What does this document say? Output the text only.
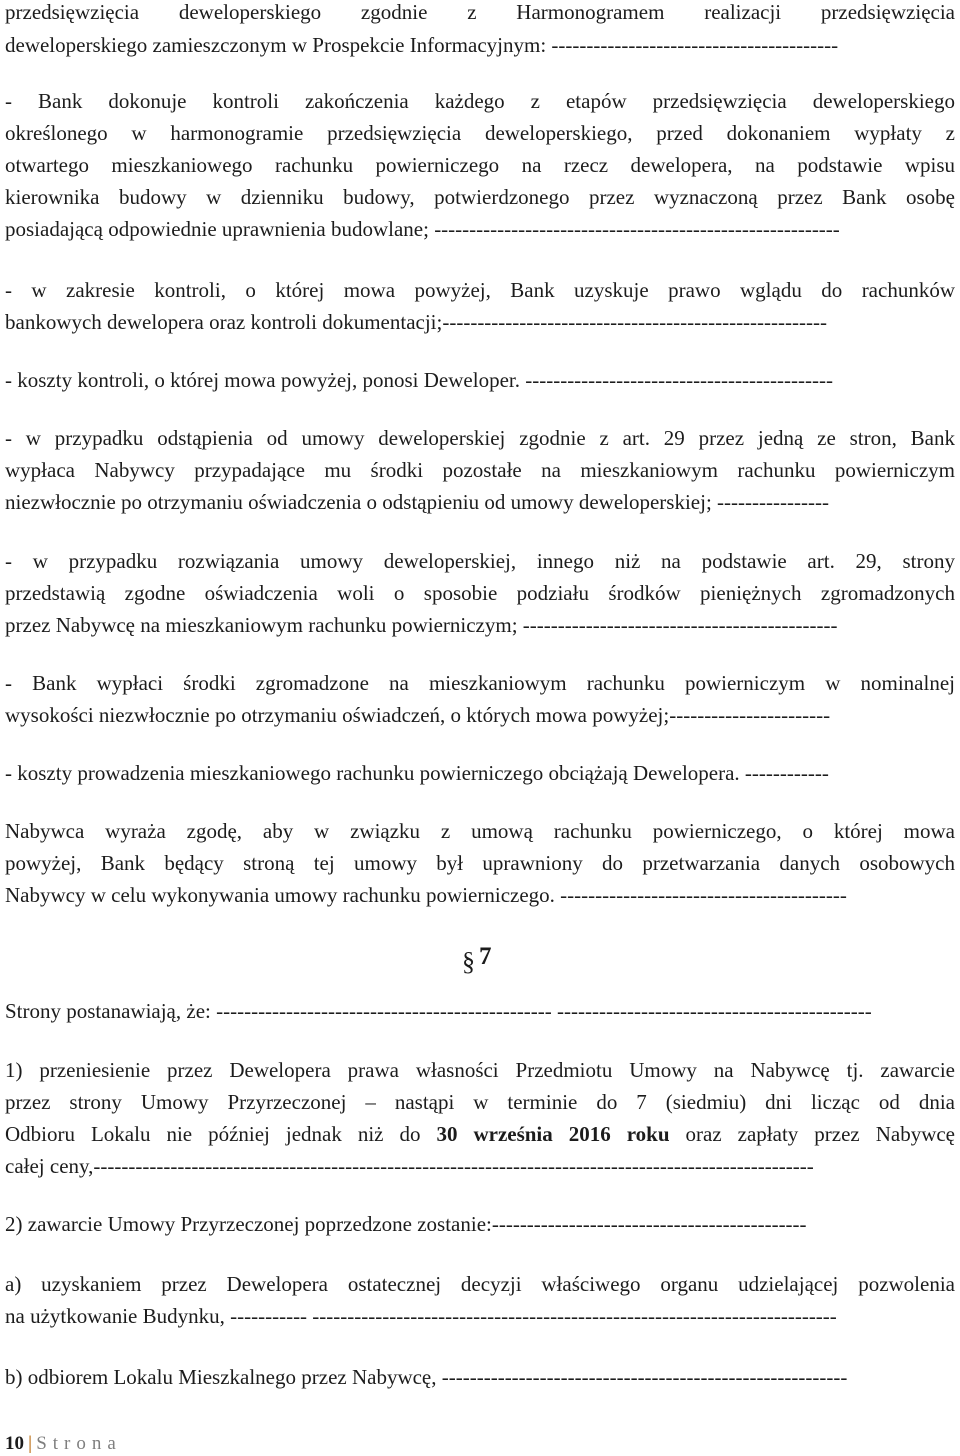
przedsięwzięcia deweloperskiego zgodnie z Harmonogramem realizacji przedsięwzięcia
deweloperskiego zamieszczonym w Prospekcie Informacyjnym: -----------------------------------------
- Bank dokonuje kontroli zakończenia każdego z etapów przedsięwzięcia deweloperskiego
określonego w harmonogramie przedsięwzięcia deweloperskiego, przed dokonaniem wypłaty z
otwartego mieszkaniowego rachunku powierniczego na rzecz dewelopera, na podstawie wpisu
kierownika budowy w dzienniku budowy, potwierdzonego przez wyznaczoną przez Bank osobę
posiadającą odpowiednie uprawnienia budowlane; ----------------------------------------------------------
- w zakresie kontroli, o której mowa powyżej, Bank uzyskuje prawo wglądu do rachunków
bankowych dewelopera oraz kontroli dokumentacji;-------------------------------------------------------
- koszty kontroli, o której mowa powyżej, ponosi Deweloper. --------------------------------------------
- w przypadku odstąpienia od umowy deweloperskiej zgodnie z art. 29 przez jedną ze stron, Bank
wypłaca Nabywcy przypadające mu środki pozostałe na mieszkaniowym rachunku powierniczym
niezwłocznie po otrzymaniu oświadczenia o odstąpieniu od umowy deweloperskiej; ----------------
- w przypadku rozwiązania umowy deweloperskiej, innego niż na podstawie art. 29, strony
przedstawią zgodne oświadczenia woli o sposobie podziału środków pieniężnych zgromadzonych
przez Nabywcę na mieszkaniowym rachunku powierniczym; ---------------------------------------------
- Bank wypłaci środki zgromadzone na mieszkaniowym rachunku powierniczym w nominalnej
wysokości niezwłocznie po otrzymaniu oświadczeń, o których mowa powyżej;-----------------------
- koszty prowadzenia mieszkaniowego rachunku powierniczego obciążają Dewelopera. ------------
Nabywca wyraża zgodę, aby w związku z umową rachunku powierniczego, o której mowa
powyżej, Bank będący stroną tej umowy był uprawniony do przetwarzania danych osobowych
Nabywcy w celu wykonywania umowy rachunku powierniczego. -----------------------------------------
§ 7
Strony postanawiają, że: ------------------------------------------------ ---------------------------------------------
1) przeniesienie przez Dewelopera prawa własności Przedmiotu Umowy na Nabywcę tj. zawarcie
przez strony Umowy Przyrzeczonej – nastąpi w terminie do 7 (siedmiu) dni licząc od dnia
Odbioru Lokalu nie później jednak niż do 30 września 2016 roku oraz zapłaty przez Nabywcę
całej ceny,-------------------------------------------------------------------------------------------------------
2) zawarcie Umowy Przyrzeczonej poprzedzone zostanie:---------------------------------------------
a) uzyskaniem przez Dewelopera ostatecznej decyzji właściwego organu udzielającej pozwolenia
na użytkowanie Budynku, ----------- ---------------------------------------------------------------------------
b) odbiorem Lokalu Mieszkalnego przez Nabywcę, ----------------------------------------------------------
10 | Strona
